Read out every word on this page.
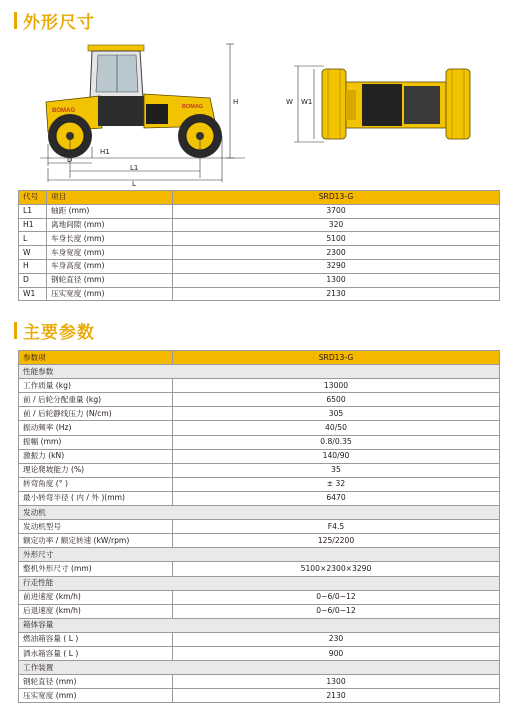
外形尺寸
BOMAG
BOMAG
H
H1
D
L1
L
W W1
代号	项目	SRD13-G
L1	轴距 (mm)	3700
H1	离地间隙 (mm)	320
L	车身长度 (mm)	5100
W	车身宽度 (mm)	2300
H	车身高度 (mm)	3290
D	钢轮直径 (mm)	1300
W1	压实宽度 (mm)	2130
主要参数
参数项	SRD13-G
性能参数	
工作质量 (kg)	13000
前 / 后轮分配重量 (kg)	6500
前 / 后轮静线压力 (N/cm)	305
振动频率 (Hz)	40/50
振幅 (mm)	0.8/0.35
激振力 (kN)	140/90
理论爬坡能力 (%)	35
转弯角度 (° )	± 32
最小转弯半径 ( 内 / 外 )(mm)	6470
发动机	
发动机型号	F4.5
额定功率 / 额定转速 (kW/rpm)	125/2200
外形尺寸	
整机外形尺寸 (mm)	5100×2300×3290
行走性能	
前进速度 (km/h)	0~6/0~12
后退速度 (km/h)	0~6/0~12
箱体容量	
燃油箱容量 ( L )	230
洒水箱容量 ( L )	900
工作装置	
钢轮直径 (mm)	1300
压实宽度 (mm)	2130
